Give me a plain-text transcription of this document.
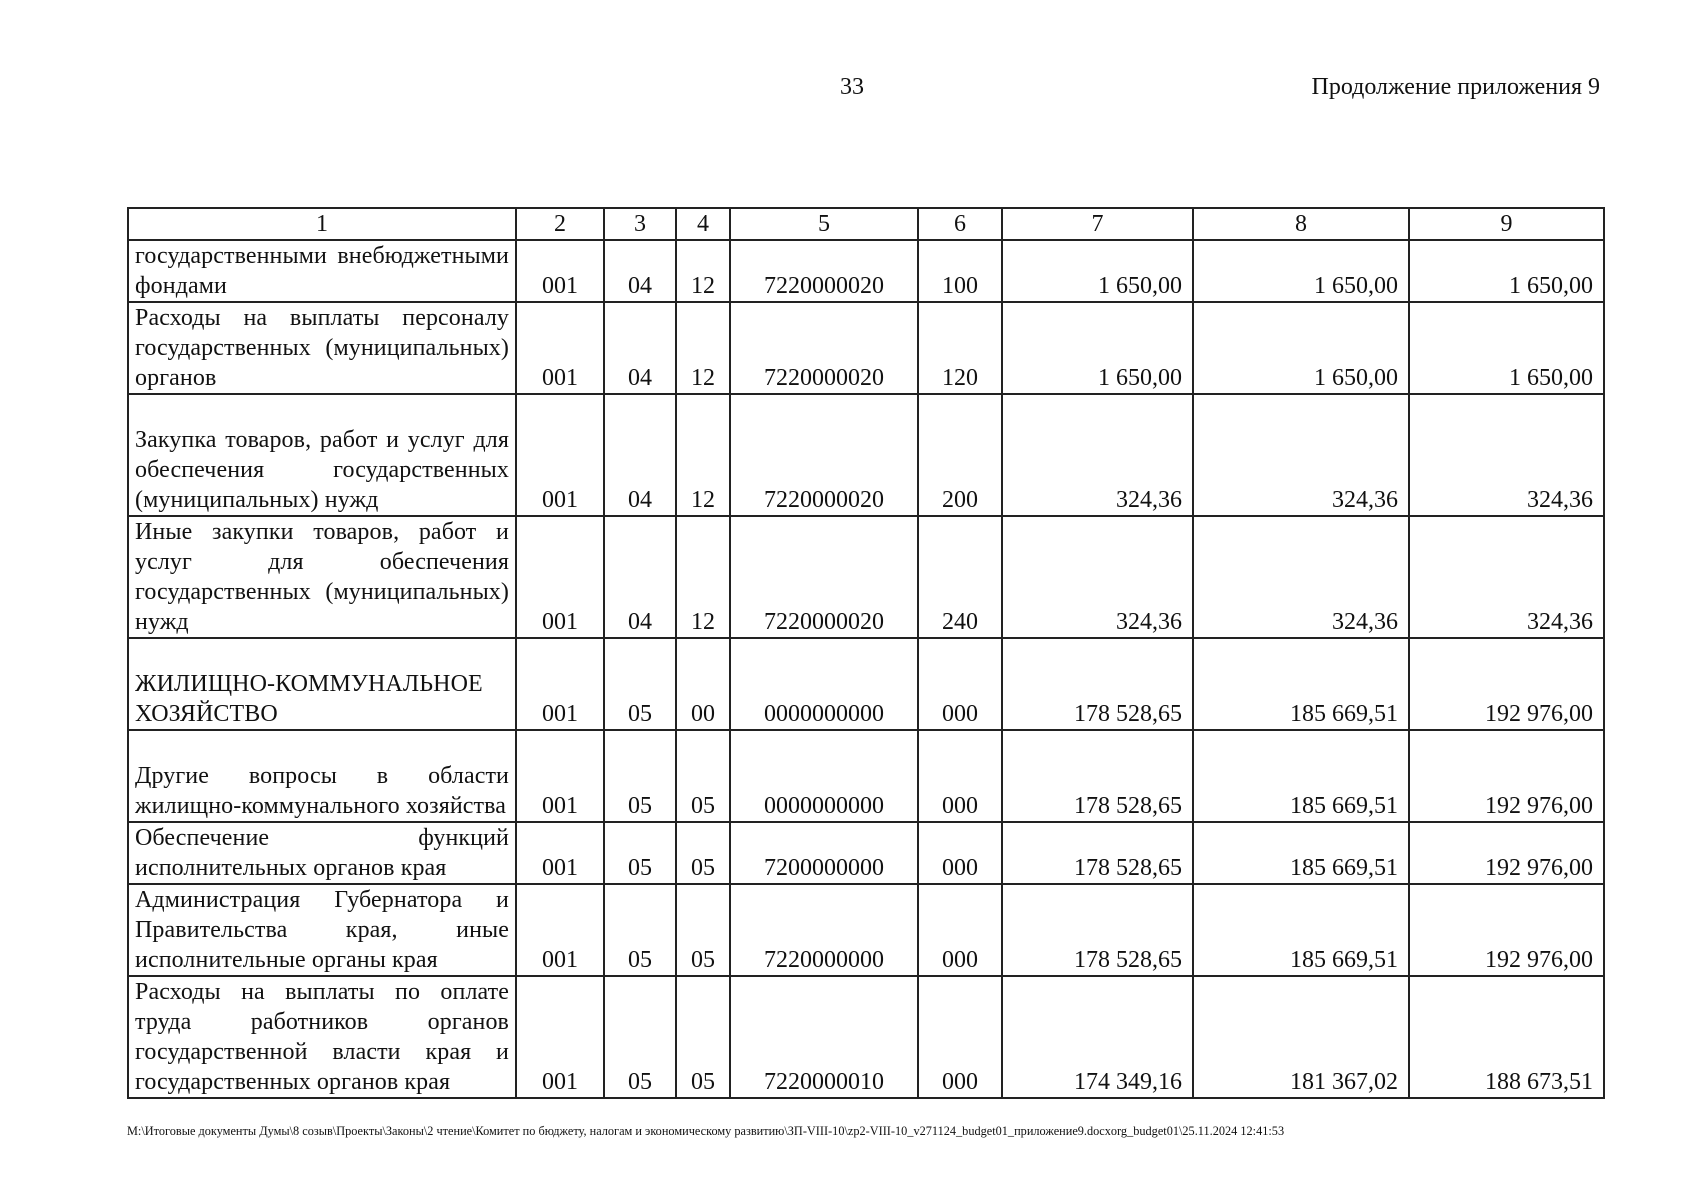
33	Продолжение приложения 9
1	2	3	4	5	6	7	8	9
государственными внебюджетными фондами	001	04	12	7220000020	100	1 650,00	1 650,00	1 650,00
Расходы на выплаты персоналу государственных (муниципальных) органов	001	04	12	7220000020	120	1 650,00	1 650,00	1 650,00
Закупка товаров, работ и услуг для обеспечения государственных (муниципальных) нужд	001	04	12	7220000020	200	324,36	324,36	324,36
Иные закупки товаров, работ и услуг для обеспечения государственных (муниципальных) нужд	001	04	12	7220000020	240	324,36	324,36	324,36
ЖИЛИЩНО-КОММУНАЛЬНОЕ ХОЗЯЙСТВО	001	05	00	0000000000	000	178 528,65	185 669,51	192 976,00
Другие вопросы в области жилищно-коммунального хозяйства	001	05	05	0000000000	000	178 528,65	185 669,51	192 976,00
Обеспечение функций исполнительных органов края	001	05	05	7200000000	000	178 528,65	185 669,51	192 976,00
Администрация Губернатора и Правительства края, иные исполнительные органы края	001	05	05	7220000000	000	178 528,65	185 669,51	192 976,00
Расходы на выплаты по оплате труда работников органов государственной власти края и государственных органов края	001	05	05	7220000010	000	174 349,16	181 367,02	188 673,51
M:\Итоговые документы Думы\8 созыв\Проекты\Законы\2 чтение\Комитет по бюджету, налогам и экономическому развитию\ЗП-VIII-10\zp2-VIII-10_v271124_budget01_приложение9.docxorg_budget01\25.11.2024 12:41:53
